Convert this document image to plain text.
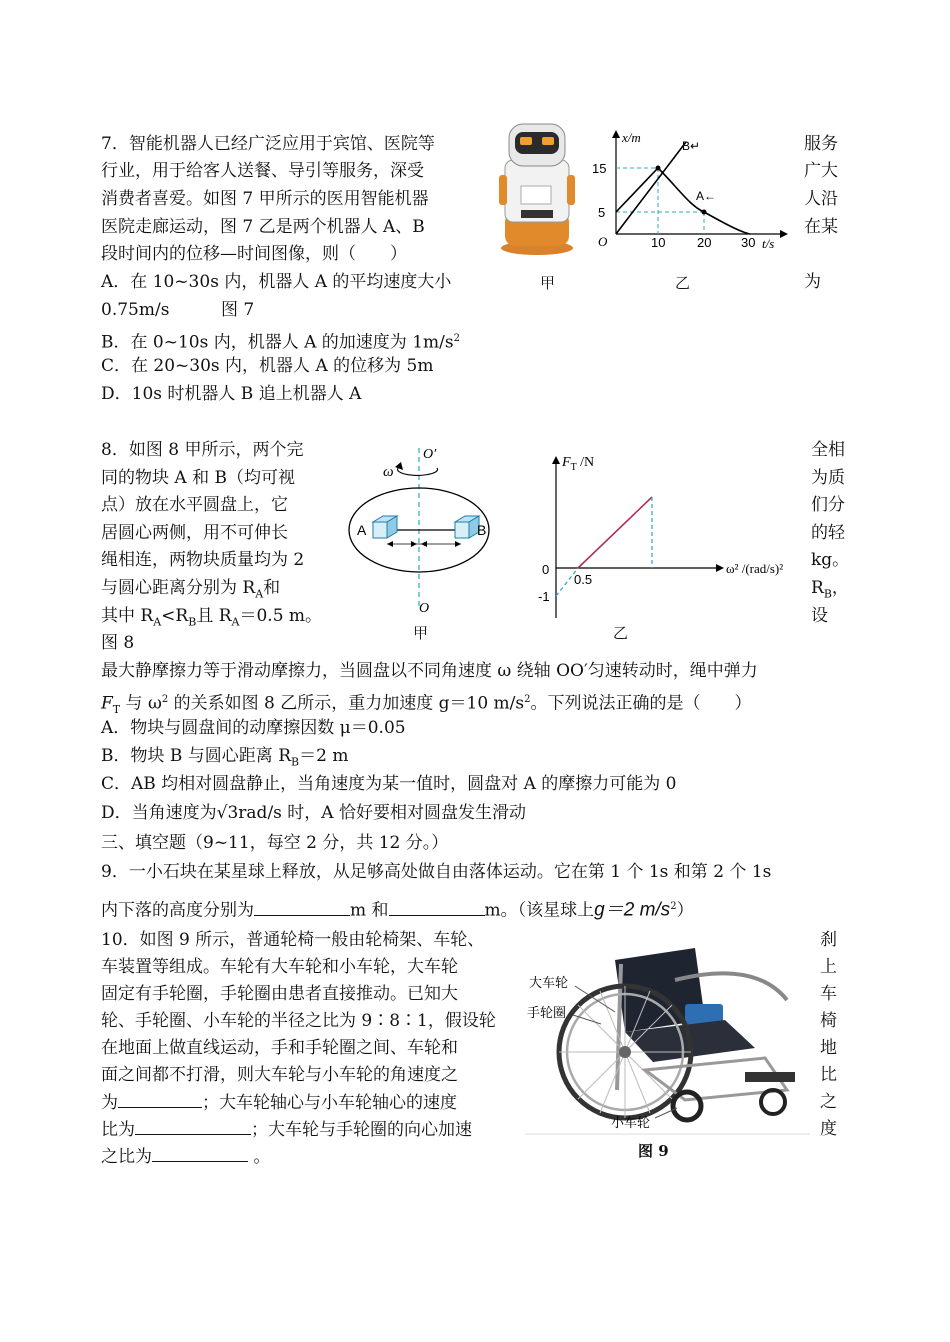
7．智能机器人已经广泛应用于宾馆、医院等
行业，用于给客人送餐、导引等服务，深受
消费者喜爱。如图 7 甲所示的医用智能机器
医院走廊运动，图 7 乙是两个机器人 A、B
段时间内的位移—时间图像，则（　　）
A．在 10~30s 内，机器人 A 的平均速度大小
0.75m/s	图 7
B．在 0~10s 内，机器人 A 的加速度为 $1m/s^2$
C．在 20~30s 内，机器人 A 的位移为 5m
D．10s 时机器人 B 追上机器人 A
服务
广大
人沿
在某
为
x/m
15
5
O	10 20 30 t/s
B↵
A←
甲	乙
8．如图 8 甲所示，两个完
同的物块 A 和 B（均可视
点）放在水平圆盘上，它
居圆心两侧，用不可伸长
绳相连，两物块质量均为 2
与圆心距离分别为 $R_A$和
其中 $R_A<R_B$且 $R_A=0.5$ m。
图 8
全相
为质
们分
的轻
kg。
$R_B$，
设
O′
ω
A	B
O
$F_T$ /N
0
-1
0.5
ω² /(rad/s)²
甲	乙
最大静摩擦力等于滑动摩擦力，当圆盘以不同角速度 ω 绕轴 OO′匀速转动时，绳中弹力
$F_T$ 与 $\omega^2$ 的关系如图 8 乙所示，重力加速度 g＝10 $m/s^2$。下列说法正确的是（　　）
A．物块与圆盘间的动摩擦因数 μ＝0.05
B．物块 B 与圆心距离 $R_B=2$ m
C．AB 均相对圆盘静止，当角速度为某一值时，圆盘对 A 的摩擦力可能为 0
D．当角速度为√3rad/s 时，A 恰好要相对圆盘发生滑动
三、填空题（9~11，每空 2 分，共 12 分。）
9．一小石块在某星球上释放，从足够高处做自由落体运动。它在第 1 个 1s 和第 2 个 1s
内下落的高度分别为	m 和	m。（该星球上g＝2 $m/s^2$）
10．如图 9 所示，普通轮椅一般由轮椅架、车轮、
车装置等组成。车轮有大车轮和小车轮，大车轮
固定有手轮圈，手轮圈由患者直接推动。已知大
轮、手轮圈、小车轮的半径之比为 9∶8∶1，假设轮
在地面上做直线运动，手和手轮圈之间、车轮和
面之间都不打滑，则大车轮与小车轮的角速度之
为	；大车轮轴心与小车轮轴心的速度
比为	；大车轮与手轮圈的向心加速
之比为	。
刹
上
车
椅
地
比
之
度
大车轮
手轮圈
小车轮
图 9
